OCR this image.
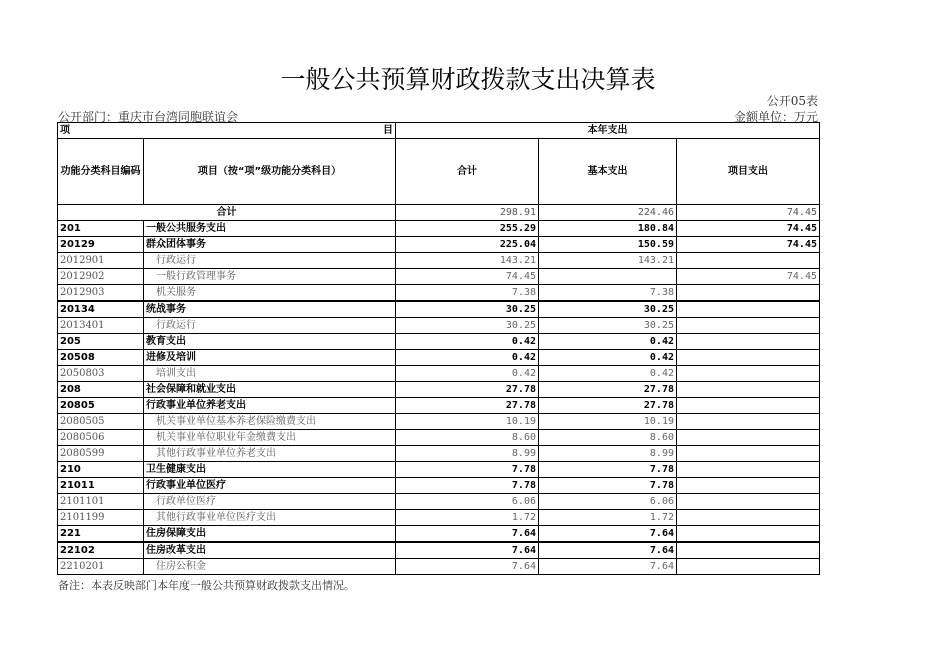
一般公共预算财政拨款支出决算表
公开05表
公开部门：重庆市台湾同胞联谊会	金额单位：万元
项 目		本年支出		
功能分类科目编码	项目（按“项”级功能分类科目）	合计	基本支出	项目支出
合计		298.91	224.46	74.45
201	一般公共服务支出	255.29	180.84	74.45
20129	群众团体事务	225.04	150.59	74.45
2012901	行政运行	143.21	143.21	
2012902	一般行政管理事务	74.45		74.45
2012903	机关服务	7.38	7.38	
20134	统战事务	30.25	30.25	
2013401	行政运行	30.25	30.25	
205	教育支出	0.42	0.42	
20508	进修及培训	0.42	0.42	
2050803	培训支出	0.42	0.42	
208	社会保障和就业支出	27.78	27.78	
20805	行政事业单位养老支出	27.78	27.78	
2080505	机关事业单位基本养老保险缴费支出	10.19	10.19	
2080506	机关事业单位职业年金缴费支出	8.60	8.60	
2080599	其他行政事业单位养老支出	8.99	8.99	
210	卫生健康支出	7.78	7.78	
21011	行政事业单位医疗	7.78	7.78	
2101101	行政单位医疗	6.06	6.06	
2101199	其他行政事业单位医疗支出	1.72	1.72	
221	住房保障支出	7.64	7.64	
22102	住房改革支出	7.64	7.64	
2210201	住房公积金	7.64	7.64	
备注：本表反映部门本年度一般公共预算财政拨款支出情况。
